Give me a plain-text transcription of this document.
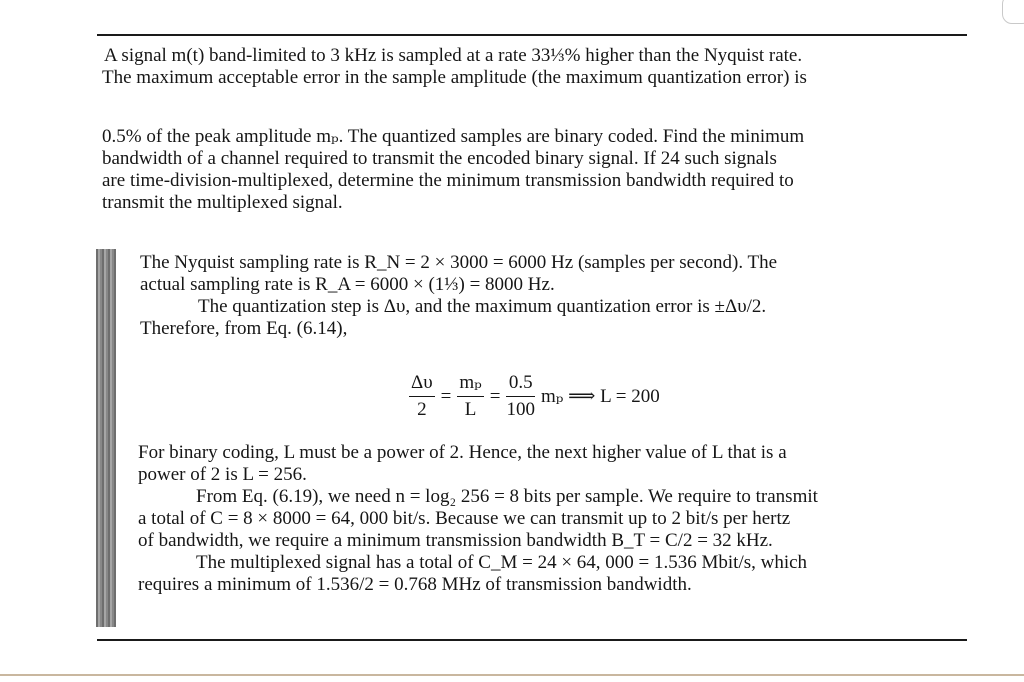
A signal m(t) band-limited to 3 kHz is sampled at a rate 33⅓% higher than the Nyquist rate.
The maximum acceptable error in the sample amplitude (the maximum quantization error) is
0.5% of the peak amplitude mₚ. The quantized samples are binary coded. Find the minimum
bandwidth of a channel required to transmit the encoded binary signal. If 24 such signals
are time-division-multiplexed, determine the minimum transmission bandwidth required to
transmit the multiplexed signal.
The Nyquist sampling rate is R_N = 2 × 3000 = 6000 Hz (samples per second). The
actual sampling rate is R_A = 6000 × (1⅓) = 8000 Hz.
The quantization step is Δυ, and the maximum quantization error is ±Δυ/2.
Therefore, from Eq. (6.14),
$\frac{\Delta\upsilon}{2} = \frac{\text{mₚ}}{L} = \frac{0.5}{100}$ mₚ ⟹ L = 200
For binary coding, L must be a power of 2. Hence, the next higher value of L that is a
power of 2 is L = 256.
From Eq. (6.19), we need n = log₂ 256 = 8 bits per sample. We require to transmit
a total of C = 8 × 8000 = 64, 000 bit/s. Because we can transmit up to 2 bit/s per hertz
of bandwidth, we require a minimum transmission bandwidth B_T = C/2 = 32 kHz.
The multiplexed signal has a total of C_M = 24 × 64, 000 = 1.536 Mbit/s, which
requires a minimum of 1.536/2 = 0.768 MHz of transmission bandwidth.
